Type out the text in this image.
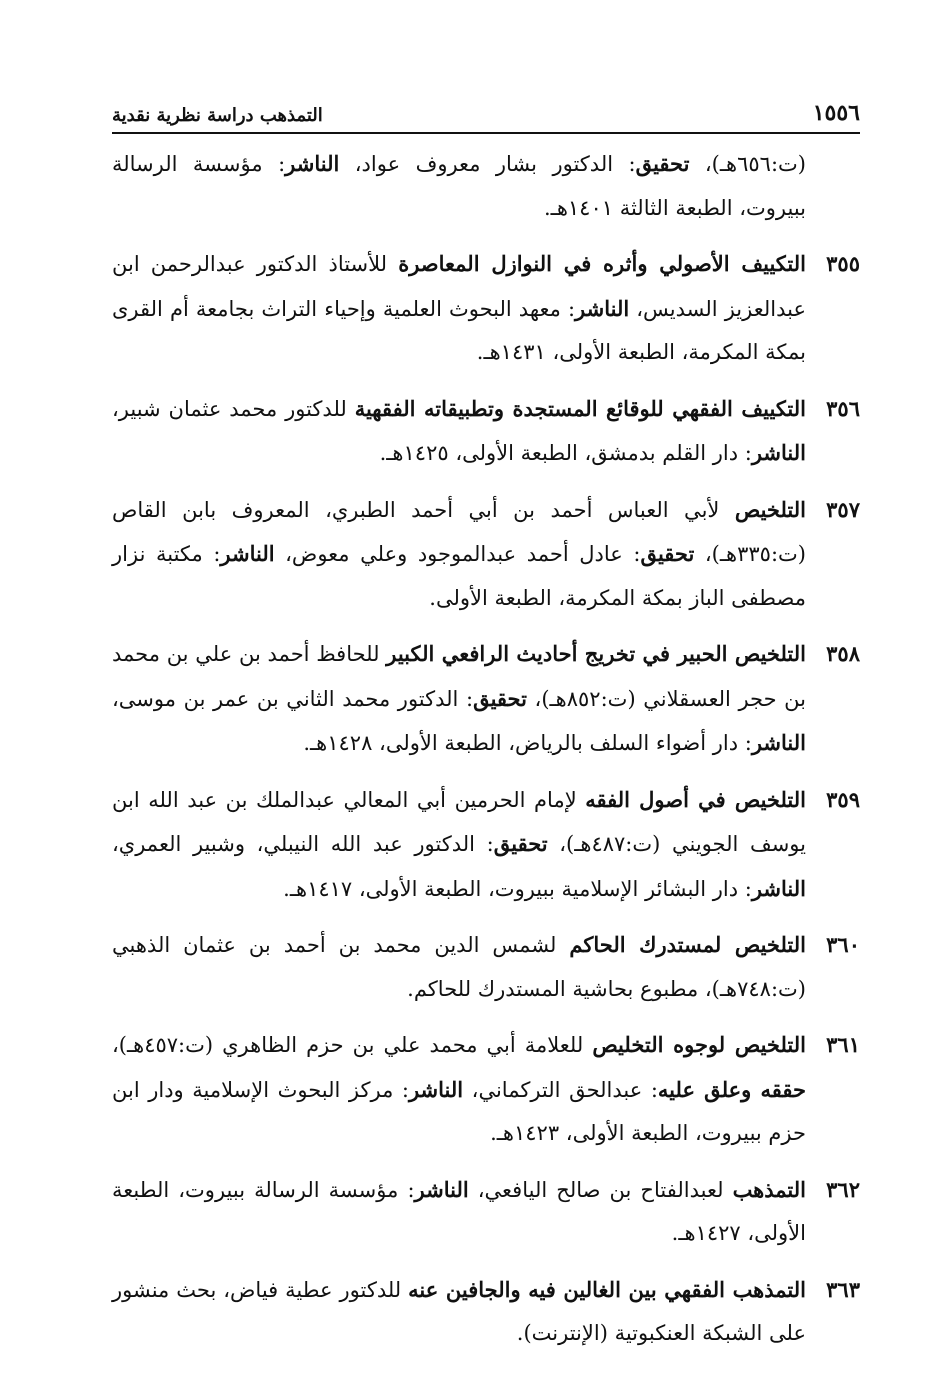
١٥٥٦
التمذهب دراسة نظرية نقدية
(ت:٦٥٦هـ)، تحقيق: الدكتور بشار معروف عواد، الناشر: مؤسسة الرسالة ببيروت، الطبعة الثالثة ١٤٠١هـ.
٣٥٥
التكييف الأصولي وأثره في النوازل المعاصرة للأستاذ الدكتور عبدالرحمن ابن عبدالعزيز السديس، الناشر: معهد البحوث العلمية وإحياء التراث بجامعة أم القرى بمكة المكرمة، الطبعة الأولى، ١٤٣١هـ.
٣٥٦
التكييف الفقهي للوقائع المستجدة وتطبيقاته الفقهية للدكتور محمد عثمان شبير، الناشر: دار القلم بدمشق، الطبعة الأولى، ١٤٢٥هـ.
٣٥٧
التلخيص لأبي العباس أحمد بن أبي أحمد الطبري، المعروف بابن القاص (ت:٣٣٥هـ)، تحقيق: عادل أحمد عبدالموجود وعلي معوض، الناشر: مكتبة نزار مصطفى الباز بمكة المكرمة، الطبعة الأولى.
٣٥٨
التلخيص الحبير في تخريج أحاديث الرافعي الكبير للحافظ أحمد بن علي بن محمد بن حجر العسقلاني (ت:٨٥٢هـ)، تحقيق: الدكتور محمد الثاني بن عمر بن موسى، الناشر: دار أضواء السلف بالرياض، الطبعة الأولى، ١٤٢٨هـ.
٣٥٩
التلخيص في أصول الفقه لإمام الحرمين أبي المعالي عبدالملك بن عبد الله ابن يوسف الجويني (ت:٤٨٧هـ)، تحقيق: الدكتور عبد الله النيبلي، وشبير العمري، الناشر: دار البشائر الإسلامية ببيروت، الطبعة الأولى، ١٤١٧هـ.
٣٦٠
التلخيص لمستدرك الحاكم لشمس الدين محمد بن أحمد بن عثمان الذهبي (ت:٧٤٨هـ)، مطبوع بحاشية المستدرك للحاكم.
٣٦١
التلخيص لوجوه التخليص للعلامة أبي محمد علي بن حزم الظاهري (ت:٤٥٧هـ)، حققه وعلق عليه: عبدالحق التركماني، الناشر: مركز البحوث الإسلامية ودار ابن حزم ببيروت، الطبعة الأولى، ١٤٢٣هـ.
٣٦٢
التمذهب لعبدالفتاح بن صالح اليافعي، الناشر: مؤسسة الرسالة ببيروت، الطبعة الأولى، ١٤٢٧هـ.
٣٦٣
التمذهب الفقهي بين الغالين فيه والجافين عنه للدكتور عطية فياض، بحث منشور على الشبكة العنكبوتية (الإنترنت).
